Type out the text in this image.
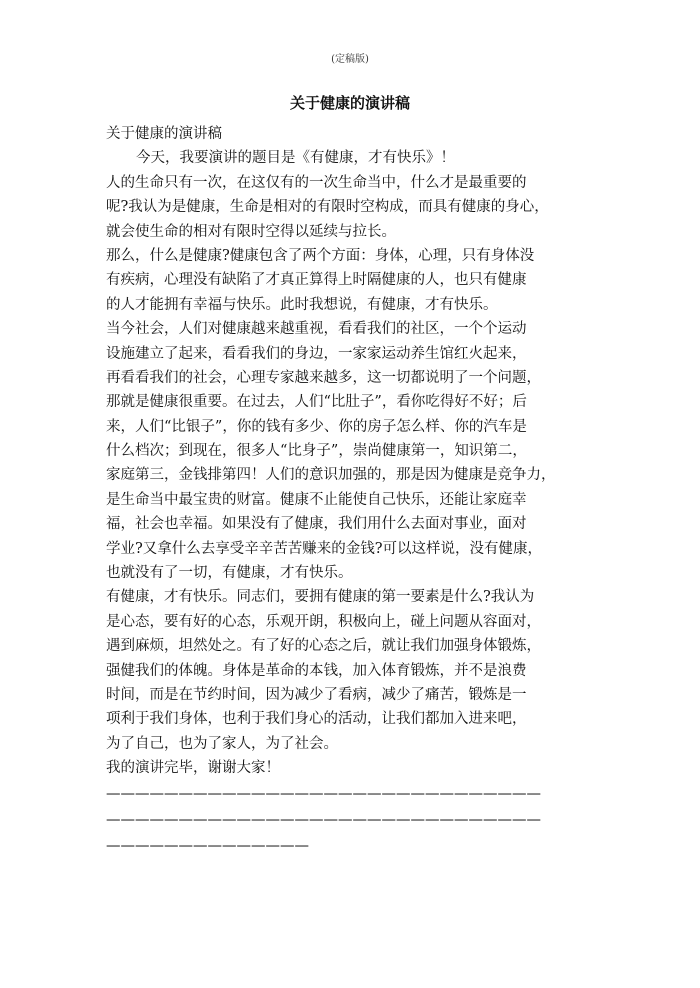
(定稿版)
关于健康的演讲稿
关于健康的演讲稿
今天，我要演讲的题目是《有健康，才有快乐》！
人的生命只有一次，在这仅有的一次生命当中，什么才是最重要的
呢?我认为是健康，生命是相对的有限时空构成，而具有健康的身心，
就会使生命的相对有限时空得以延续与拉长。
那么，什么是健康?健康包含了两个方面：身体，心理，只有身体没
有疾病，心理没有缺陷了才真正算得上时隔健康的人，也只有健康
的人才能拥有幸福与快乐。此时我想说，有健康，才有快乐。
当今社会，人们对健康越来越重视，看看我们的社区，一个个运动
设施建立了起来，看看我们的身边，一家家运动养生馆红火起来，
再看看我们的社会，心理专家越来越多，这一切都说明了一个问题，
那就是健康很重要。在过去，人们“比肚子”，看你吃得好不好；后
来，人们“比银子”，你的钱有多少、你的房子怎么样、你的汽车是
什么档次；到现在，很多人“比身子”，崇尚健康第一，知识第二，
家庭第三，金钱排第四！人们的意识加强的，那是因为健康是竞争力，
是生命当中最宝贵的财富。健康不止能使自己快乐，还能让家庭幸
福，社会也幸福。如果没有了健康，我们用什么去面对事业，面对
学业?又拿什么去享受辛辛苦苦赚来的金钱?可以这样说，没有健康，
也就没有了一切，有健康，才有快乐。
有健康，才有快乐。同志们，要拥有健康的第一要素是什么?我认为
是心态，要有好的心态，乐观开朗，积极向上，碰上问题从容面对，
遇到麻烦，坦然处之。有了好的心态之后，就让我们加强身体锻炼，
强健我们的体魄。身体是革命的本钱，加入体育锻炼，并不是浪费
时间，而是在节约时间，因为减少了看病，减少了痛苦，锻炼是一
项利于我们身体，也利于我们身心的活动，让我们都加入进来吧，
为了自己，也为了家人，为了社会。
我的演讲完毕，谢谢大家！
——————————————————————————————
——————————————————————————————
——————————————
